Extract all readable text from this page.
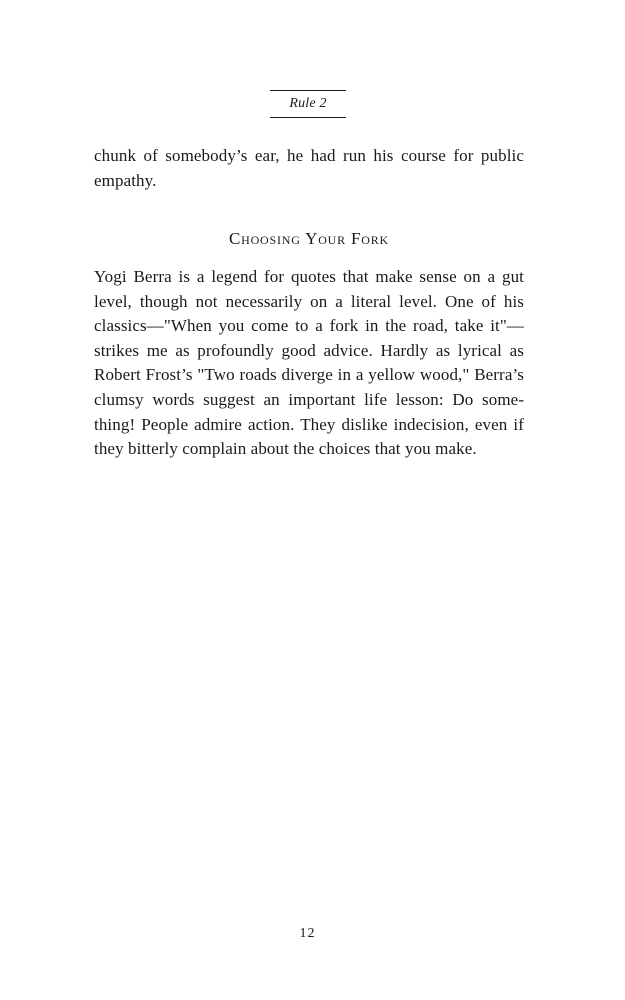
Rule 2

chunk of somebody’s ear, he had run his course for public empathy.

Choosing Your Fork

Yogi Berra is a legend for quotes that make sense on a gut level, though not necessarily on a literal level. One of his classics—"When you come to a fork in the road, take it"—strikes me as profoundly good advice. Hardly as lyrical as Robert Frost’s "Two roads diverge in a yellow wood," Berra’s clumsy words suggest an important life lesson: Do something! People admire action. They dislike indecision, even if they bitterly complain about the choices that you make.

12
